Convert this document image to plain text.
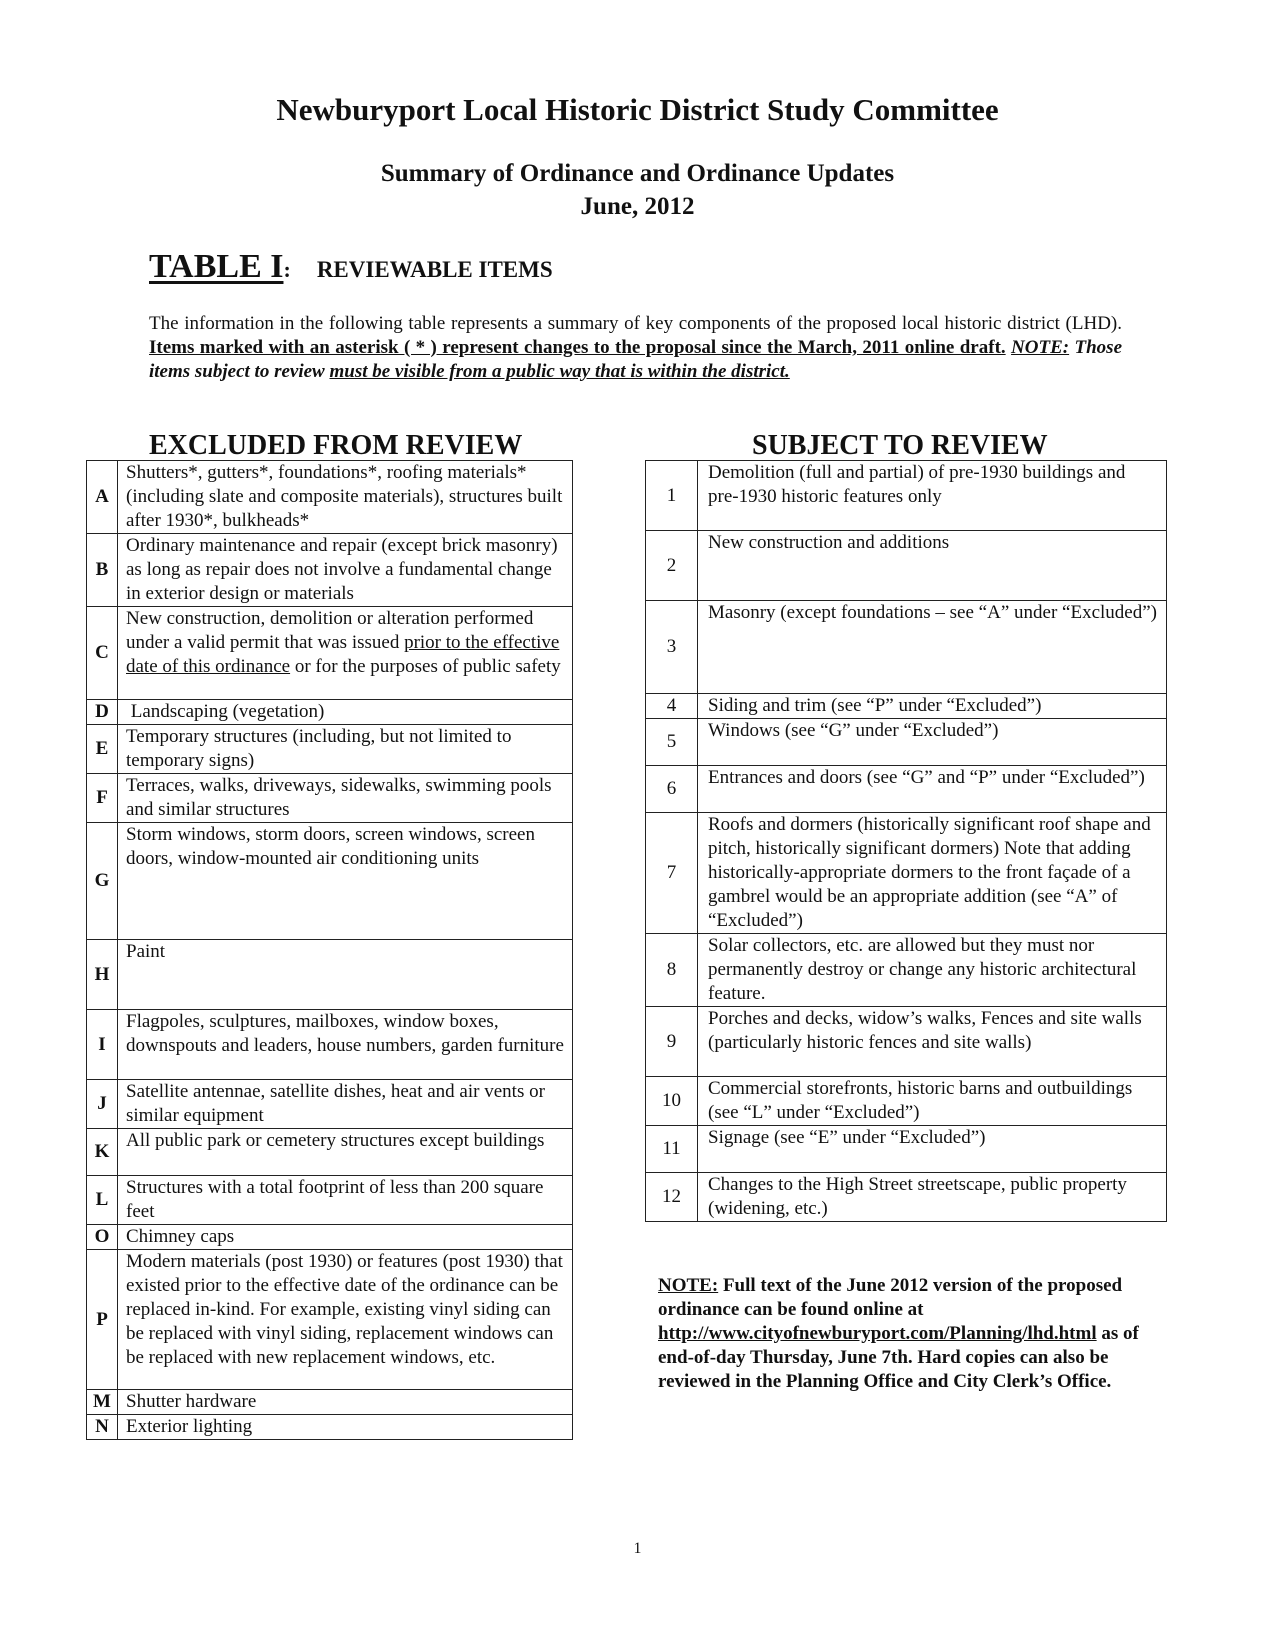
Newburyport Local Historic District Study Committee
Summary of Ordinance and Ordinance Updates
June, 2012
TABLE I: REVIEWABLE ITEMS
The information in the following table represents a summary of key components of the proposed local historic district (LHD). Items marked with an asterisk ( * ) represent changes to the proposal since the March, 2011 online draft. NOTE: Those items subject to review must be visible from a public way that is within the district.
EXCLUDED FROM REVIEW	SUBJECT TO REVIEW
A	Shutters*, gutters*, foundations*, roofing materials* (including slate and composite materials), structures built after 1930*, bulkheads*
B	Ordinary maintenance and repair (except brick masonry) as long as repair does not involve a fundamental change in exterior design or materials
C	New construction, demolition or alteration performed under a valid permit that was issued prior to the effective date of this ordinance or for the purposes of public safety
D	Landscaping (vegetation)
E	Temporary structures (including, but not limited to temporary signs)
F	Terraces, walks, driveways, sidewalks, swimming pools and similar structures
G	Storm windows, storm doors, screen windows, screen doors, window-mounted air conditioning units
H	Paint
I	Flagpoles, sculptures, mailboxes, window boxes, downspouts and leaders, house numbers, garden furniture
J	Satellite antennae, satellite dishes, heat and air vents or similar equipment
K	All public park or cemetery structures except buildings
L	Structures with a total footprint of less than 200 square feet
O	Chimney caps
P	Modern materials (post 1930) or features (post 1930) that existed prior to the effective date of the ordinance can be replaced in-kind. For example, existing vinyl siding can be replaced with vinyl siding, replacement windows can be replaced with new replacement windows, etc.
M	Shutter hardware
N	Exterior lighting
1	Demolition (full and partial) of pre-1930 buildings and pre-1930 historic features only
2	New construction and additions
3	Masonry (except foundations – see “A” under “Excluded”)
4	Siding and trim (see “P” under “Excluded”)
5	Windows (see “G” under “Excluded”)
6	Entrances and doors (see “G” and “P” under “Excluded”)
7	Roofs and dormers (historically significant roof shape and pitch, historically significant dormers) Note that adding historically-appropriate dormers to the front façade of a gambrel would be an appropriate addition (see “A” of “Excluded”)
8	Solar collectors, etc. are allowed but they must nor permanently destroy or change any historic architectural feature.
9	Porches and decks, widow’s walks, Fences and site walls (particularly historic fences and site walls)
10	Commercial storefronts, historic barns and outbuildings (see “L” under “Excluded”)
11	Signage (see “E” under “Excluded”)
12	Changes to the High Street streetscape, public property (widening, etc.)
NOTE: Full text of the June 2012 version of the proposed ordinance can be found online at http://www.cityofnewburyport.com/Planning/lhd.html as of end-of-day Thursday, June 7th. Hard copies can also be reviewed in the Planning Office and City Clerk’s Office.
1
